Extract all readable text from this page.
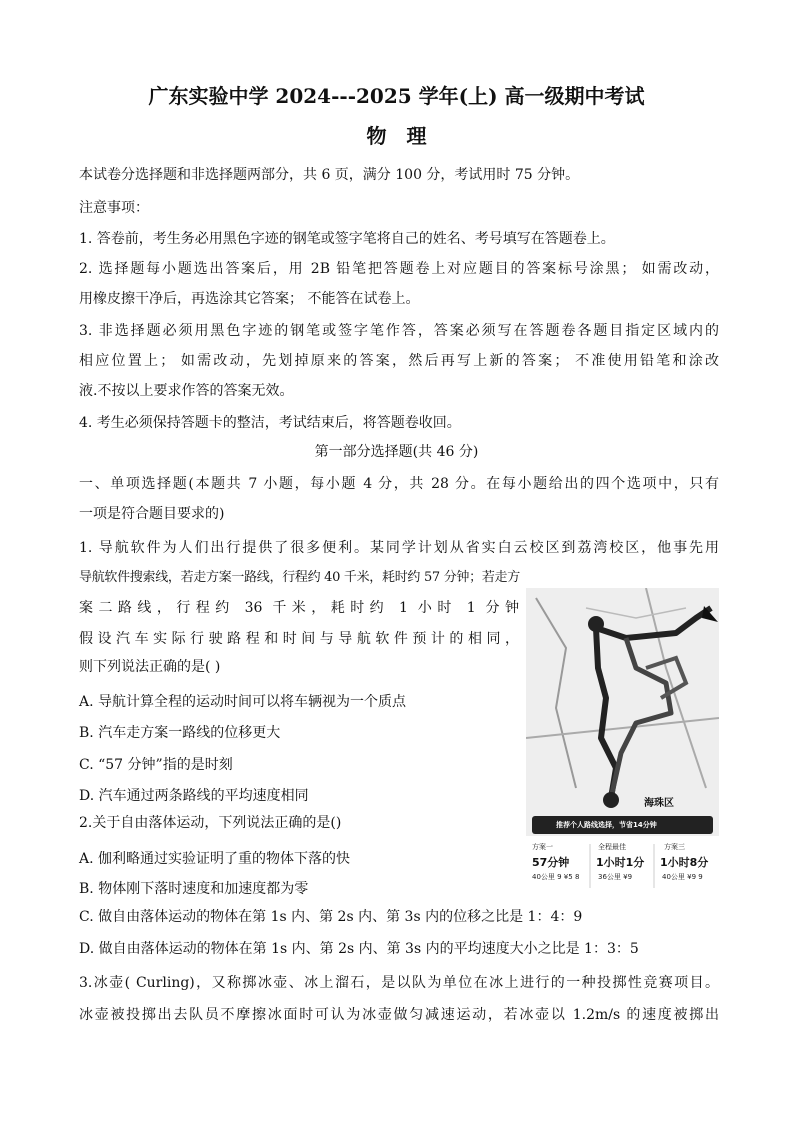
广东实验中学 2024---2025 学年(上) 高一级期中考试
物理
本试卷分选择题和非选择题两部分，共 6 页，满分 100 分，考试用时 75 分钟。
注意事项：
1. 答卷前，考生务必用黑色字迹的钢笔或签字笔将自己的姓名、考号填写在答题卷上。
2. 选择题每小题选出答案后，用 2B 铅笔把答题卷上对应题目的答案标号涂黑； 如需改动，
用橡皮擦干净后，再选涂其它答案； 不能答在试卷上。
3. 非选择题必须用黑色字迹的钢笔或签字笔作答，答案必须写在答题卷各题目指定区域内的
相应位置上； 如需改动，先划掉原来的答案，然后再写上新的答案； 不准使用铅笔和涂改
液.不按以上要求作答的答案无效。
4. 考生必须保持答题卡的整洁，考试结束后，将答题卷收回。
第一部分选择题(共 46 分)
一、单项选择题(本题共 7 小题，每小题 4 分，共 28 分。在每小题给出的四个选项中，只有
一项是符合题目要求的)
1. 导航软件为人们出行提供了很多便利。某同学计划从省实白云校区到荔湾校区，他事先用
导航软件搜索线，若走方案一路线，行程约 40 千米，耗时约 57 分钟；若走方
案二路线，行程约 36 千米，耗时约 1 小时 1 分钟
假设汽车实际行驶路程和时间与导航软件预计的相同，
则下列说法正确的是( )
A. 导航计算全程的运动时间可以将车辆视为一个质点
B. 汽车走方案一路线的位移更大
C. “57 分钟”指的是时刻
D. 汽车通过两条路线的平均速度相同
2.关于自由落体运动，下列说法正确的是()
A. 伽利略通过实验证明了重的物体下落的快
B. 物体刚下落时速度和加速度都为零
C. 做自由落体运动的物体在第 1s 内、第 2s 内、第 3s 内的位移之比是 1：4：9
D. 做自由落体运动的物体在第 1s 内、第 2s 内、第 3s 内的平均速度大小之比是 1：3：5
3.冰壶( Curling)，又称掷冰壶、冰上溜石，是以队为单位在冰上进行的一种投掷性竞赛项目。
冰壶被投掷出去队员不摩擦冰面时可认为冰壶做匀减速运动，若冰壶以 1.2m/s 的速度被掷出
海珠区
推荐个人路线选择，节省14分钟
方案一
57分钟
40公里 9 ¥5 8
全程最佳
1小时1分
36公里 ¥9
方案三
1小时8分
40公里 ¥9 9
